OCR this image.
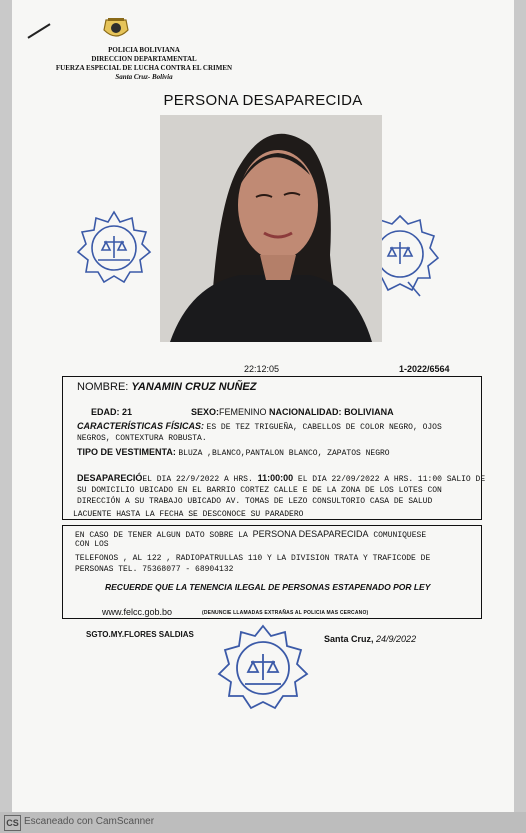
POLICIA BOLIVIANA
DIRECCION DEPARTAMENTAL
FUERZA ESPECIAL DE LUCHA CONTRA EL CRIMEN
Santa Cruz- Bolivia
PERSONA DESAPARECIDA
22:12:05	1-2022/6564
NOMBRE: YANAMIN CRUZ NUÑEZ
EDAD: 21	SEXO:FEMENINO NACIONALIDAD: BOLIVIANA
CARACTERÍSTICAS FÍSICAS: ES DE TEZ TRIGUEÑA, CABELLOS DE COLOR NEGRO, OJOS
NEGROS, CONTEXTURA ROBUSTA.
TIPO DE VESTIMENTA: BLUZA ,BLANCO,PANTALON BLANCO, ZAPATOS NEGRO
DESAPARECIÓEL DIA 22/9/2022 A HRS. 11:00:00 EL DIA 22/09/2022 A HRS. 11:00 SALIO DE
SU DOMICILIO UBICADO EN EL BARRIO CORTEZ CALLE E DE LA ZONA DE LOS LOTES CON
DIRECCIÓN A SU TRABAJO UBICADO AV. TOMAS DE LEZO CONSULTORIO CASA DE SALUD
LACUENTE HASTA LA FECHA SE DESCONOCE SU PARADERO
EN CASO DE TENER ALGUN DATO SOBRE LA PERSONA DESAPARECIDA COMUNIQUESE
CON LOS
TELEFONOS , AL 122 , RADIOPATRULLAS 110 Y LA DIVISION TRATA Y TRAFICODE DE
PERSONAS TEL. 75368077 - 68904132
RECUERDE QUE LA TENENCIA ILEGAL DE PERSONAS ESTAPENADO POR LEY
www.felcc.gob.bo	(DENUNCIE LLAMADAS EXTRAÑAS AL POLICIA MAS CERCANO)
SGTO.MY.FLORES SALDIAS	Santa Cruz, 24/9/2022
CS Escaneado con CamScanner
